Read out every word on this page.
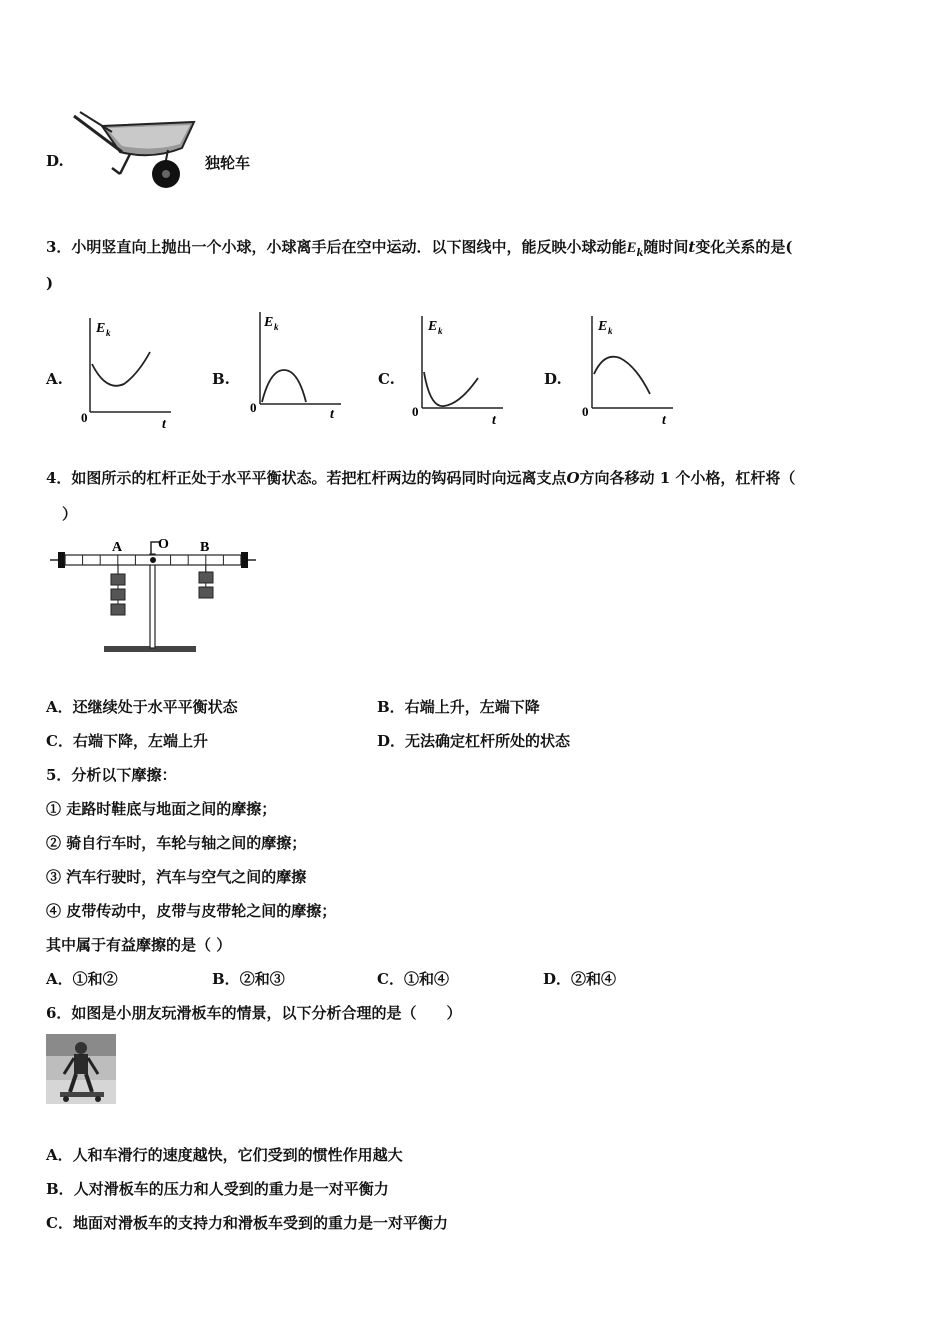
D.	独轮车
3．小明竖直向上抛出一个小球，小球离手后在空中运动．以下图线中，能反映小球动能$E_k$随时间t变化关系的是(
)
A.
E k
0	t
B.
E k
0	t
C.
E k
0
t
D.
E k
0
t
4．如图所示的杠杆正处于水平平衡状态。若把杠杆两边的钩码同时向远离支点O方向各移动 1 个小格，杠杆将（
）
A	O B
A．还继续处于水平平衡状态	B．右端上升，左端下降
C．右端下降，左端上升	D．无法确定杠杆所处的状态
5．分析以下摩擦：
① 走路时鞋底与地面之间的摩擦；
② 骑自行车时，车轮与轴之间的摩擦；
③ 汽车行驶时，汽车与空气之间的摩擦
④ 皮带传动中，皮带与皮带轮之间的摩擦；
其中属于有益摩擦的是（ ）
A．①和②	B．②和③	C．①和④	D．②和④
6．如图是小朋友玩滑板车的情景，以下分析合理的是（　　）
A．人和车滑行的速度越快，它们受到的惯性作用越大
B．人对滑板车的压力和人受到的重力是一对平衡力
C．地面对滑板车的支持力和滑板车受到的重力是一对平衡力
